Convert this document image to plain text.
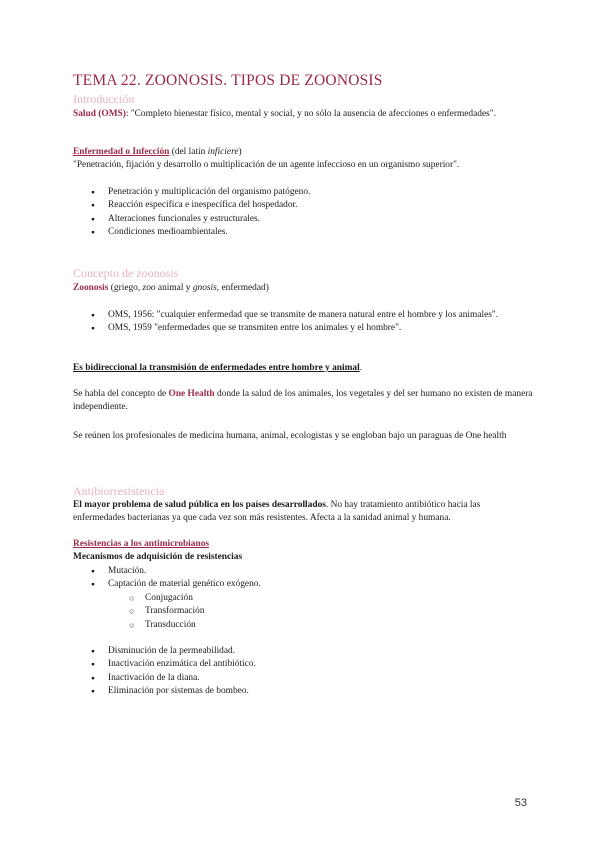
TEMA 22. ZOONOSIS. TIPOS DE ZOONOSIS
Introducción
Salud (OMS): "Completo bienestar físico, mental y social, y no sólo la ausencia de afecciones o enfermedades".
Enfermedad o Infección (del latín inficiere)
"Penetración, fijación y desarrollo o multiplicación de un agente infeccioso en un organismo superior".
● Penetración y multiplicación del organismo patógeno.
● Reacción específica e inespecífica del hospedador.
● Alteraciones funcionales y estructurales.
● Condiciones medioambientales.
Concepto de zoonosis
Zoonosis (griego, zoo animal y gnosis, enfermedad)
● OMS, 1956: "cualquier enfermedad que se transmite de manera natural entre el hombre y los animales".
● OMS, 1959 "enfermedades que se transmiten entre los animales y el hombre".
Es bidireccional la transmisión de enfermedades entre hombre y animal.
Se habla del concepto de One Health donde la salud de los animales, los vegetales y del ser humano no existen de manera independiente.
Se reúnen los profesionales de medicina humana, animal, ecologistas y se engloban bajo un paraguas de One health
Antibiorresistencia
El mayor problema de salud pública en los países desarrollados. No hay tratamiento antibiótico hacia las enfermedades bacterianas ya que cada vez son más resistentes. Afecta a la sanidad animal y humana.
Resistencias a los antimicrobianos
Mecanismos de adquisición de resistencias
● Mutación.
● Captación de material genético exógeno.
○ Conjugación
○ Transformación
○ Transducción
● Disminución de la permeabilidad.
● Inactivación enzimática del antibiótico.
● Inactivación de la diana.
● Eliminación por sistemas de bombeo.
53
